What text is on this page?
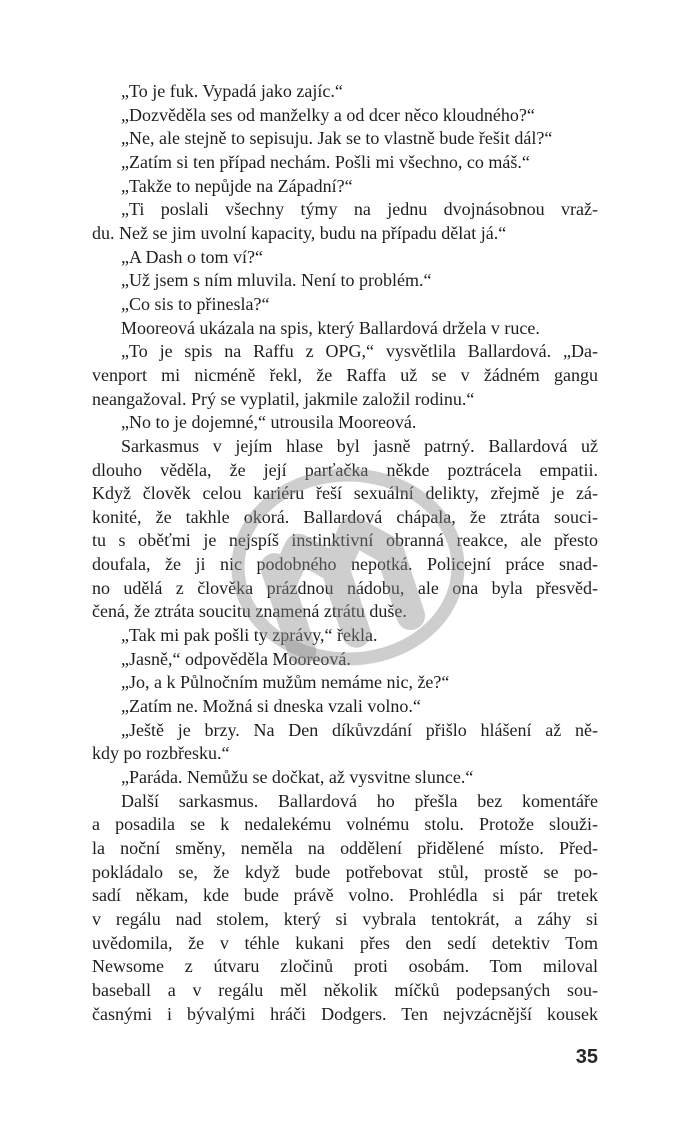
„To je fuk. Vypadá jako zajíc.“
„Dozvěděla ses od manželky a od dcer něco kloudného?“
„Ne, ale stejně to sepisuju. Jak se to vlastně bude řešit dál?“
„Zatím si ten případ nechám. Pošli mi všechno, co máš.“
„Takže to nepůjde na Západní?“
„Ti poslali všechny týmy na jednu dvojnásobnou vraž-
du. Než se jim uvolní kapacity, budu na případu dělat já.“
„A Dash o tom ví?“
„Už jsem s ním mluvila. Není to problém.“
„Co sis to přinesla?“
Mooreová ukázala na spis, který Ballardová držela v ruce.
„To je spis na Raffu z OPG,“ vysvětlila Ballardová. „Da-
venport mi nicméně řekl, že Raffa už se v žádném gangu
neangažoval. Prý se vyplatil, jakmile založil rodinu.“
„No to je dojemné,“ utrousila Mooreová.
Sarkasmus v jejím hlase byl jasně patrný. Ballardová už
dlouho věděla, že její parťačka někde poztrácela empatii.
Když člověk celou kariéru řeší sexuální delikty, zřejmě je zá-
konité, že takhle okorá. Ballardová chápala, že ztráta souci-
tu s oběťmi je nejspíš instinktivní obranná reakce, ale přesto
doufala, že ji nic podobného nepotká. Policejní práce snad-
no udělá z člověka prázdnou nádobu, ale ona byla přesvěd-
čená, že ztráta soucitu znamená ztrátu duše.
„Tak mi pak pošli ty zprávy,“ řekla.
„Jasně,“ odpověděla Mooreová.
„Jo, a k Půlnočním mužům nemáme nic, že?“
„Zatím ne. Možná si dneska vzali volno.“
„Ještě je brzy. Na Den díkůvzdání přišlo hlášení až ně-
kdy po rozbřesku.“
„Paráda. Nemůžu se dočkat, až vysvitne slunce.“
Další sarkasmus. Ballardová ho přešla bez komentáře
a posadila se k nedalekému volnému stolu. Protože slouži-
la noční směny, neměla na oddělení přidělené místo. Před-
pokládalo se, že když bude potřebovat stůl, prostě se po-
sadí někam, kde bude právě volno. Prohlédla si pár tretek
v regálu nad stolem, který si vybrala tentokrát, a záhy si
uvědomila, že v téhle kukani přes den sedí detektiv Tom
Newsome z útvaru zločinů proti osobám. Tom miloval
baseball a v regálu měl několik míčků podepsaných sou-
časnými i bývalými hráči Dodgers. Ten nejvzácnější kousek
35
